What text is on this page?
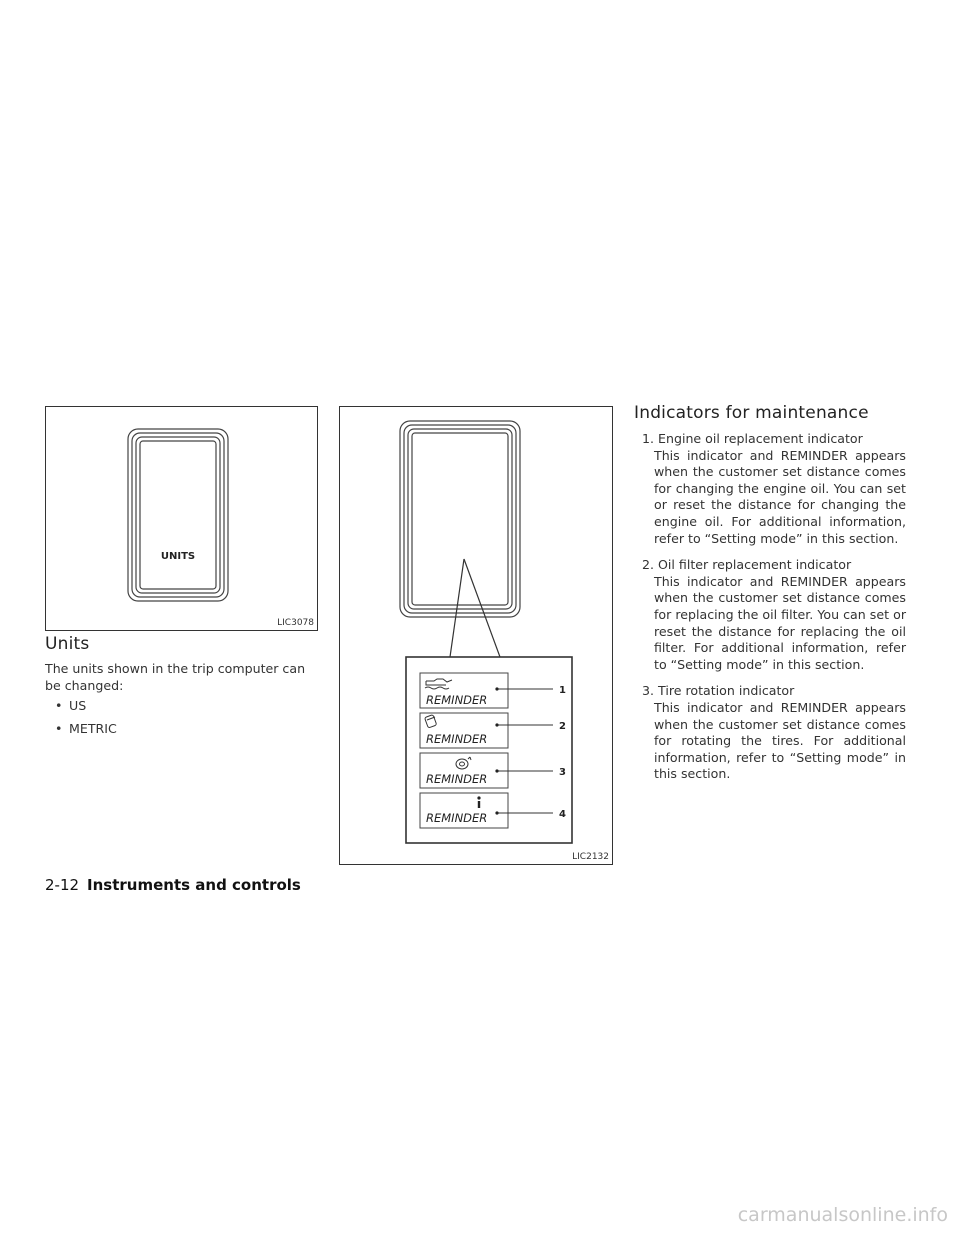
UNITS
LIC3078
REMINDER
REMINDER
REMINDER
REMINDER
1
2
3
4
LIC2132
Units
The units shown in the trip computer can be changed:
• US
• METRIC
Indicators for maintenance
1. Engine oil replacement indicator
This indicator and REMINDER appears when the customer set distance comes for changing the engine oil. You can set or reset the distance for changing the engine oil. For additional information, refer to “Setting mode” in this section.
2. Oil filter replacement indicator
This indicator and REMINDER appears when the customer set distance comes for replacing the oil filter. You can set or reset the distance for replacing the oil filter. For additional information, refer to “Setting mode” in this section.
3. Tire rotation indicator
This indicator and REMINDER appears when the customer set distance comes for rotating the tires. For additional information, refer to “Setting mode” in this section.
2-12 Instruments and controls
carmanualsonline.info
